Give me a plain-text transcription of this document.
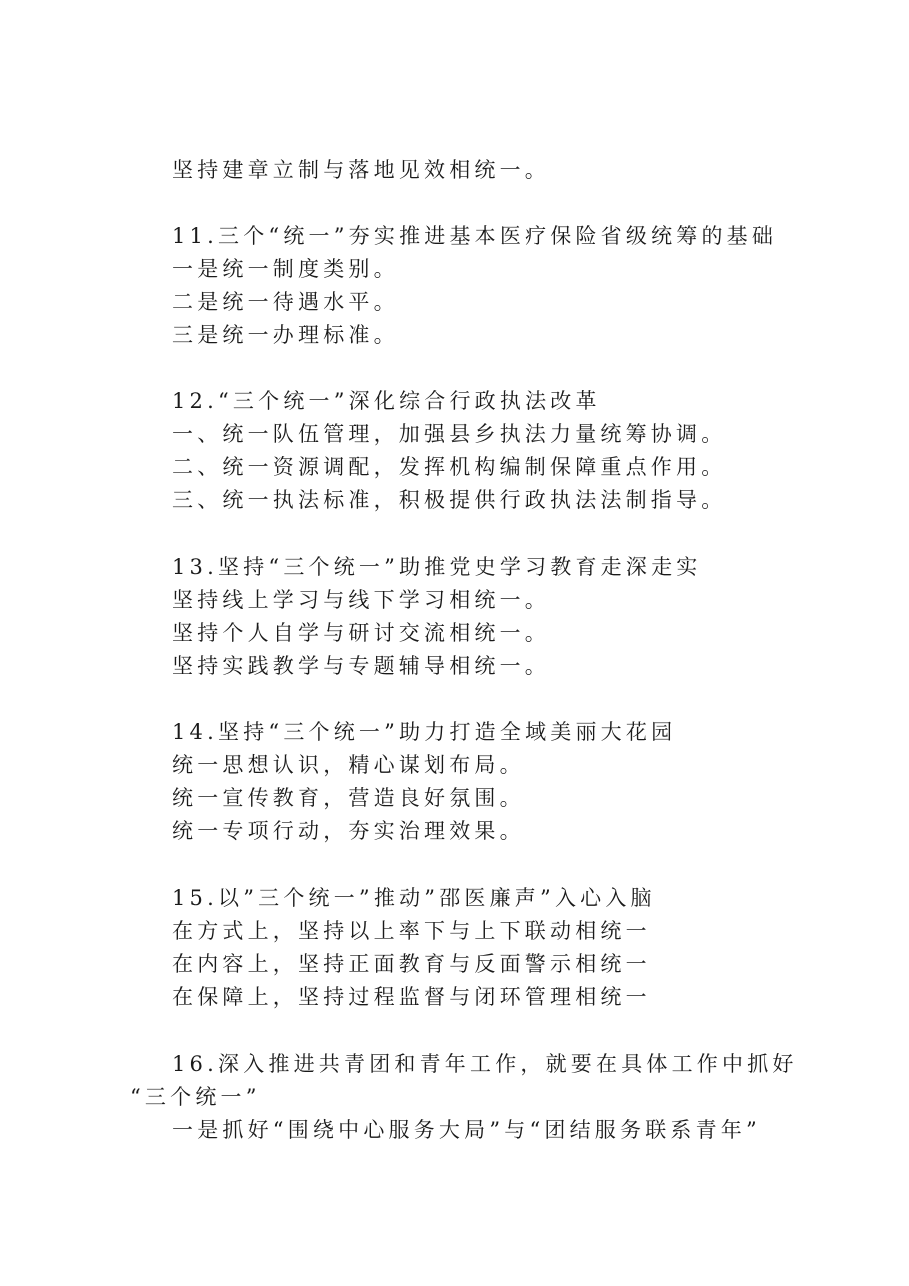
坚持建章立制与落地见效相统一。
11.三个“统一”夯实推进基本医疗保险省级统筹的基础
一是统一制度类别。
二是统一待遇水平。
三是统一办理标准。
12.“三个统一”深化综合行政执法改革
一、统一队伍管理，加强县乡执法力量统筹协调。
二、统一资源调配，发挥机构编制保障重点作用。
三、统一执法标准，积极提供行政执法法制指导。
13.坚持“三个统一”助推党史学习教育走深走实
坚持线上学习与线下学习相统一。
坚持个人自学与研讨交流相统一。
坚持实践教学与专题辅导相统一。
14.坚持“三个统一”助力打造全域美丽大花园
统一思想认识，精心谋划布局。
统一宣传教育，营造良好氛围。
统一专项行动，夯实治理效果。
15.以”三个统一”推动”邵医廉声”入心入脑
在方式上，坚持以上率下与上下联动相统一
在内容上，坚持正面教育与反面警示相统一
在保障上，坚持过程监督与闭环管理相统一
16.深入推进共青团和青年工作，就要在具体工作中抓好
“三个统一”
一是抓好“围绕中心服务大局”与“团结服务联系青年”
